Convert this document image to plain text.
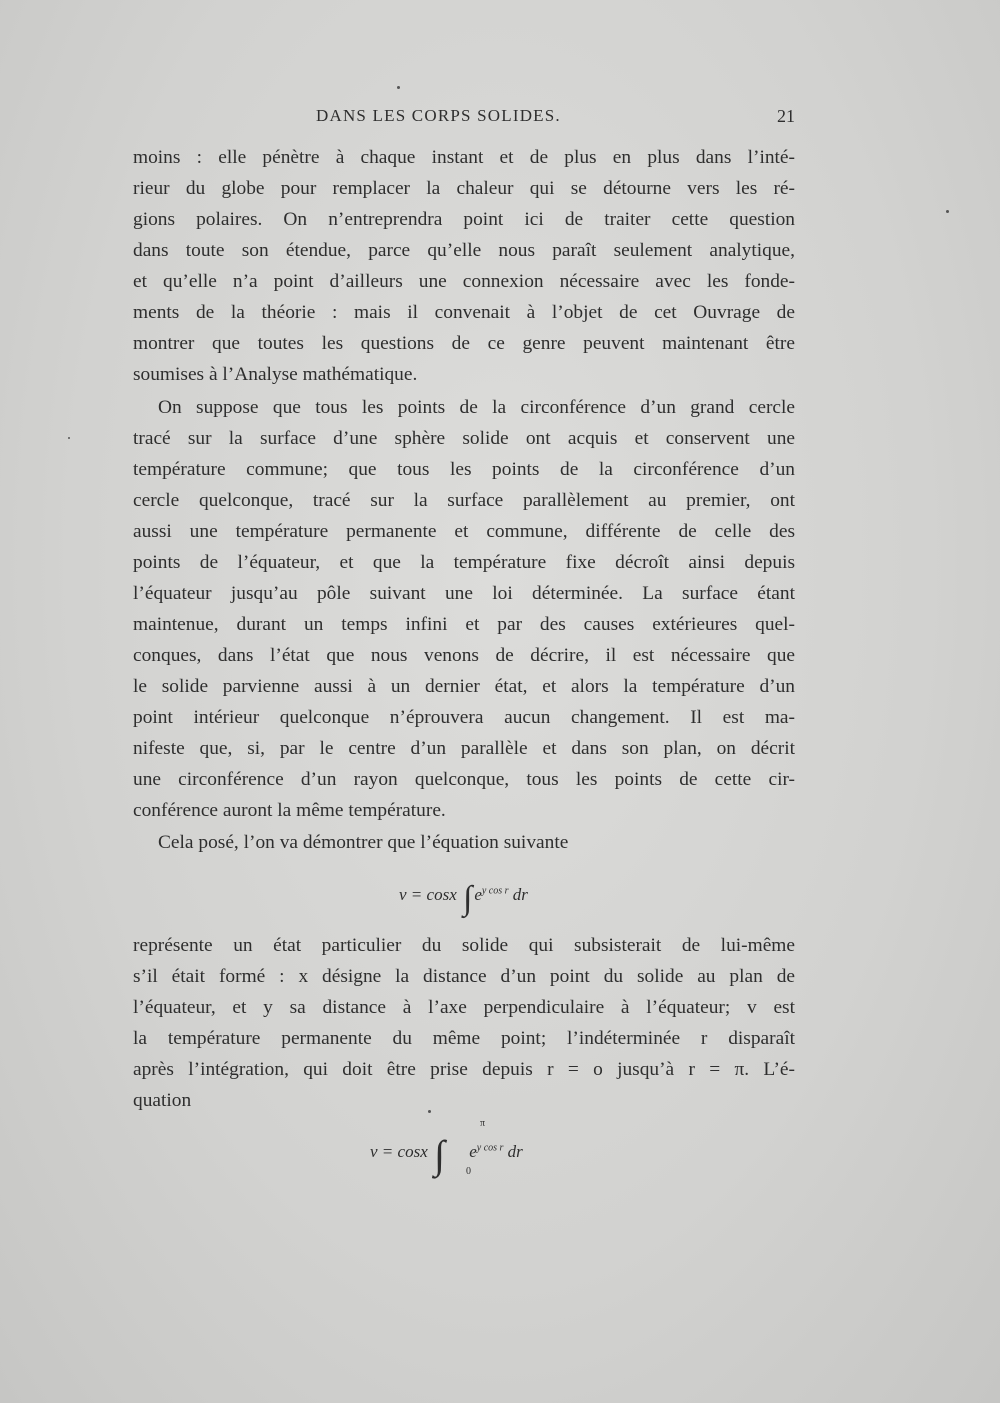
DANS LES CORPS SOLIDES.	21
moins : elle pénètre à chaque instant et de plus en plus dans l’inté-
rieur du globe pour remplacer la chaleur qui se détourne vers les ré-
gions polaires. On n’entreprendra point ici de traiter cette question
dans toute son étendue, parce qu’elle nous paraît seulement analytique,
et qu’elle n’a point d’ailleurs une connexion nécessaire avec les fonde-
ments de la théorie : mais il convenait à l’objet de cet Ouvrage de
montrer que toutes les questions de ce genre peuvent maintenant être
soumises à l’Analyse mathématique.
On suppose que tous les points de la circonférence d’un grand cercle
tracé sur la surface d’une sphère solide ont acquis et conservent une
température commune; que tous les points de la circonférence d’un
cercle quelconque, tracé sur la surface parallèlement au premier, ont
aussi une température permanente et commune, différente de celle des
points de l’équateur, et que la température fixe décroît ainsi depuis
l’équateur jusqu’au pôle suivant une loi déterminée. La surface étant
maintenue, durant un temps infini et par des causes extérieures quel-
conques, dans l’état que nous venons de décrire, il est nécessaire que
le solide parvienne aussi à un dernier état, et alors la température d’un
point intérieur quelconque n’éprouvera aucun changement. Il est ma-
nifeste que, si, par le centre d’un parallèle et dans son plan, on décrit
une circonférence d’un rayon quelconque, tous les points de cette cir-
conférence auront la même température.
Cela posé, l’on va démontrer que l’équation suivante
v = cosx ∫ $e^{y cos r}$ dr
représente un état particulier du solide qui subsisterait de lui-même
s’il était formé : x désigne la distance d’un point du solide au plan de
l’équateur, et y sa distance à l’axe perpendiculaire à l’équateur; v est
la température permanente du même point; l’indéterminée r disparaît
après l’intégration, qui doit être prise depuis r = o jusqu’à r = π. L’é-
quation
v = cosx ∫ $e^{y cos r}$ dr
π
0
